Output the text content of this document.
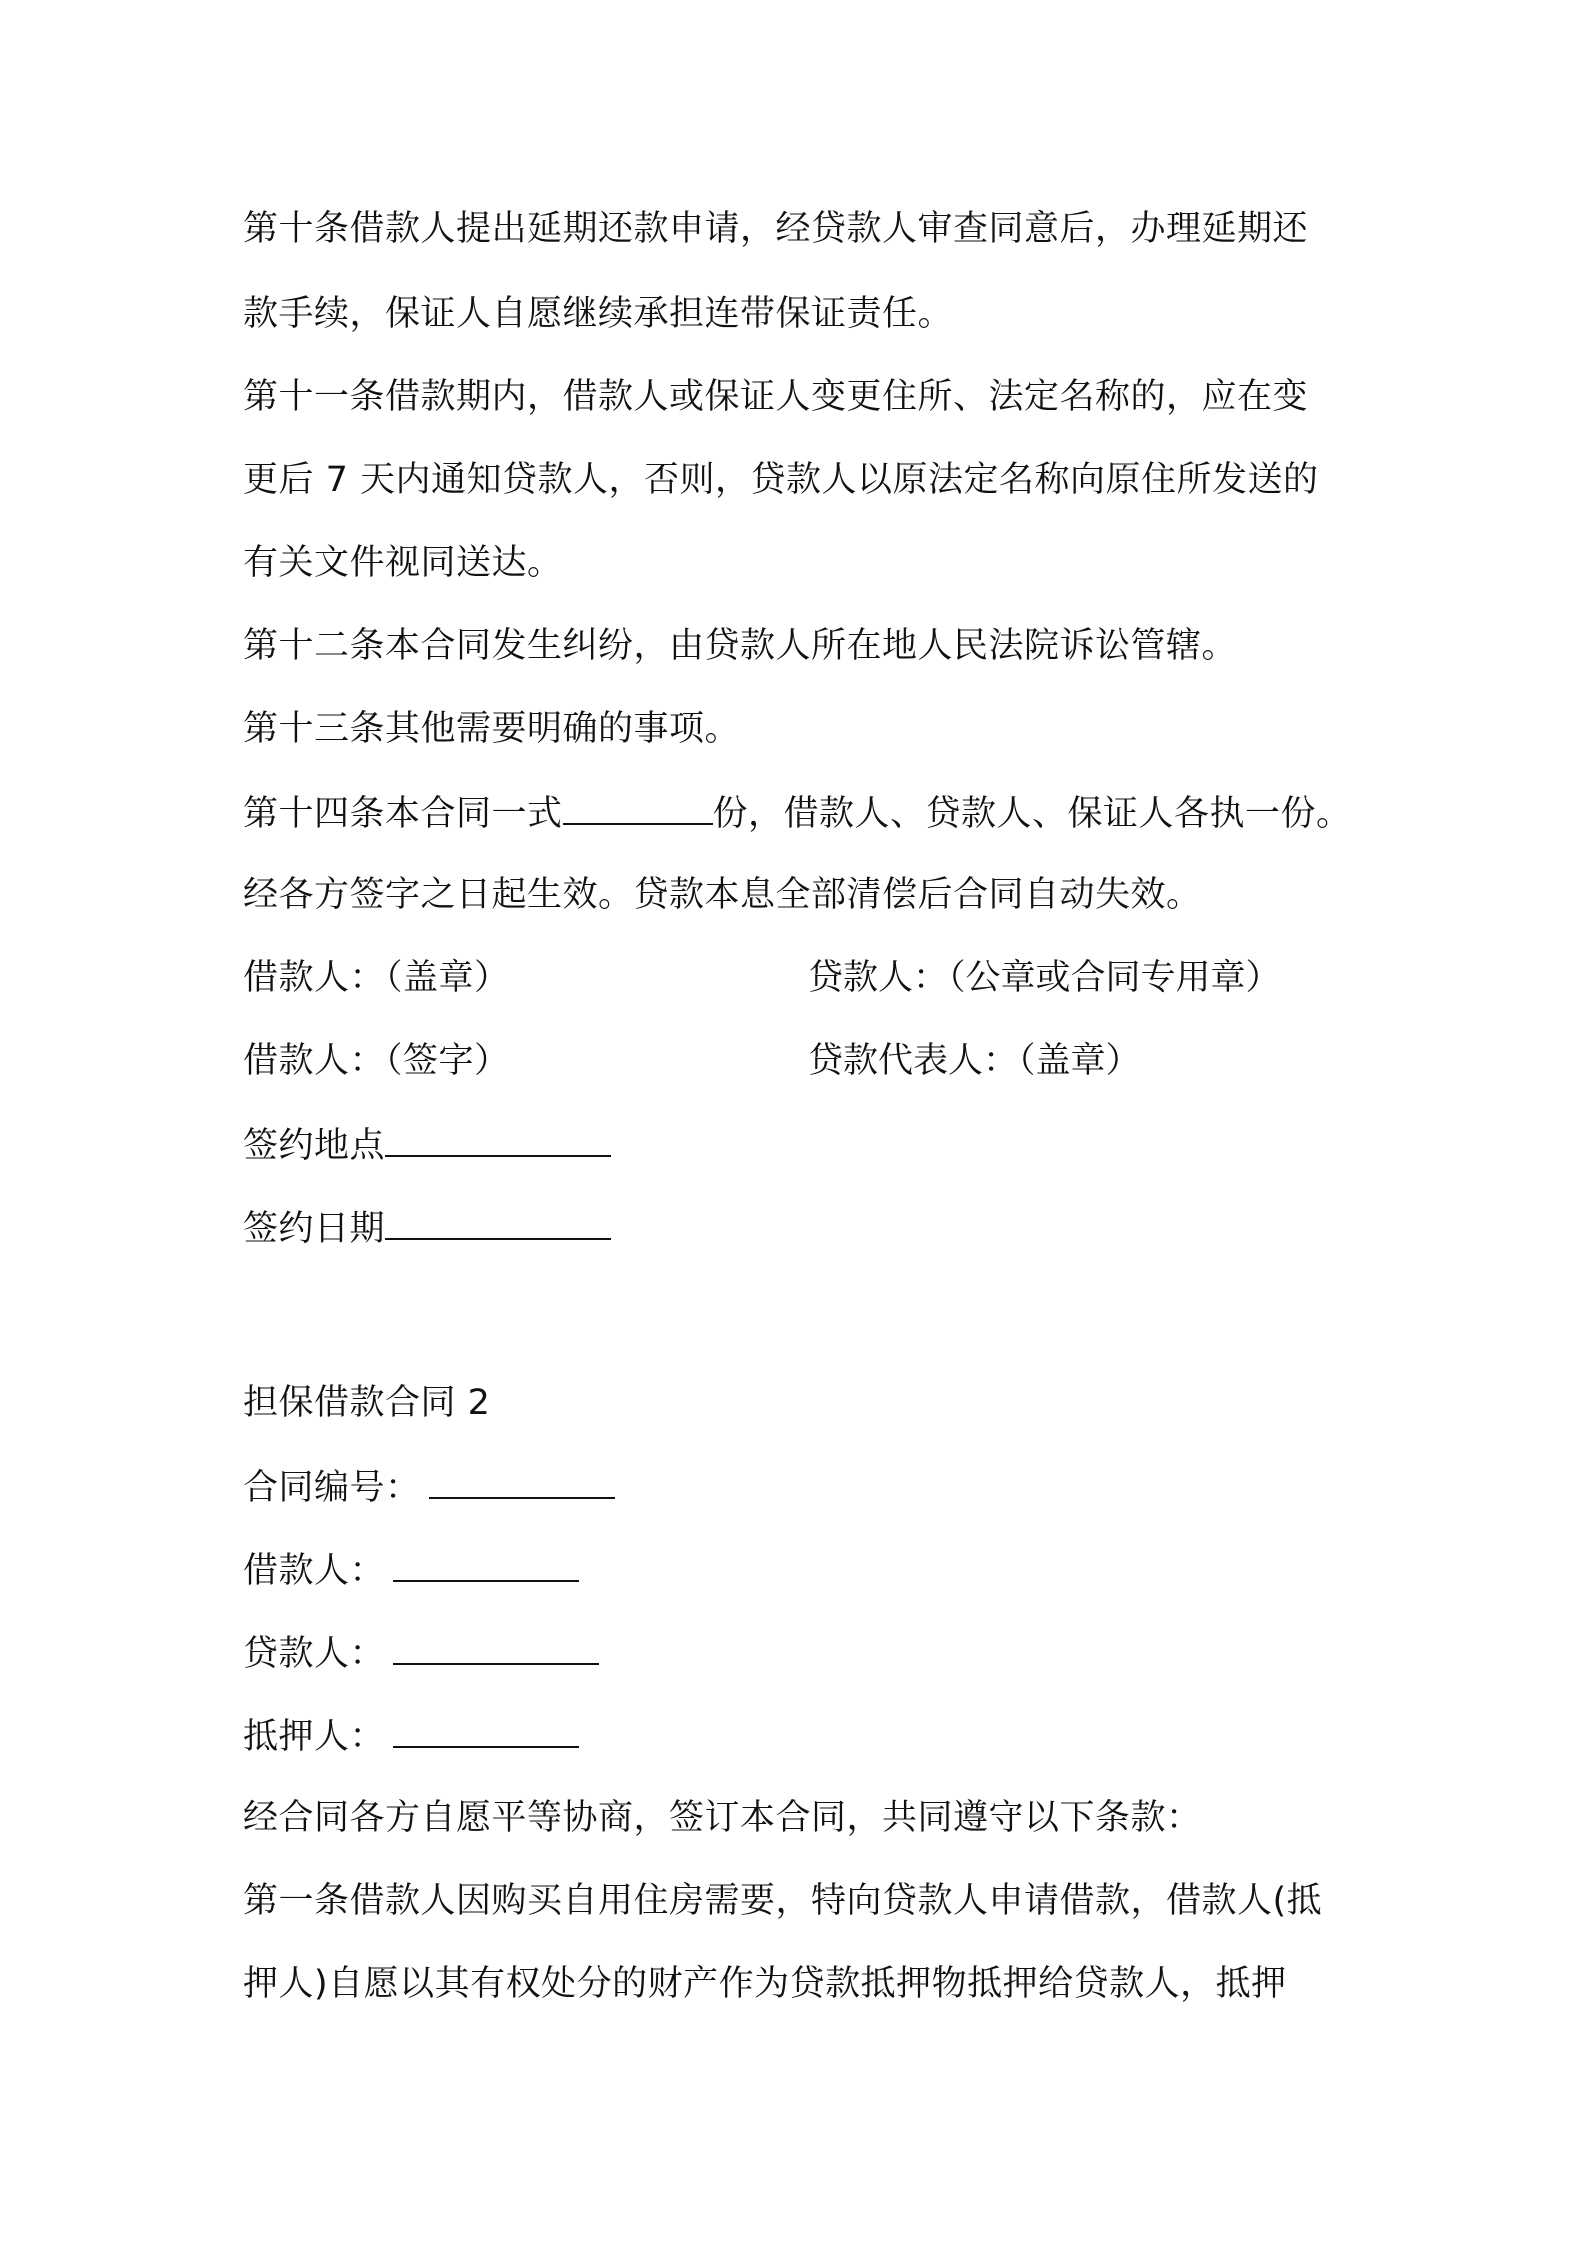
第十条借款人提出延期还款申请，经贷款人审查同意后，办理延期还
款手续，保证人自愿继续承担连带保证责任。
第十一条借款期内，借款人或保证人变更住所、法定名称的，应在变
更后 7 天内通知贷款人，否则，贷款人以原法定名称向原住所发送的
有关文件视同送达。
第十二条本合同发生纠纷，由贷款人所在地人民法院诉讼管辖。
第十三条其他需要明确的事项。
第十四条本合同一式	份，借款人、贷款人、保证人各执一份。
经各方签字之日起生效。贷款本息全部清偿后合同自动失效。
借款人：（盖章）	贷款人：（公章或合同专用章）
借款人：（签字）	贷款代表人：（盖章）
签约地点
签约日期
担保借款合同 2
合同编号：
借款人：
贷款人：
抵押人：
经合同各方自愿平等协商，签订本合同，共同遵守以下条款：
第一条借款人因购买自用住房需要，特向贷款人申请借款，借款人(抵
押人)自愿以其有权处分的财产作为贷款抵押物抵押给贷款人，抵押
